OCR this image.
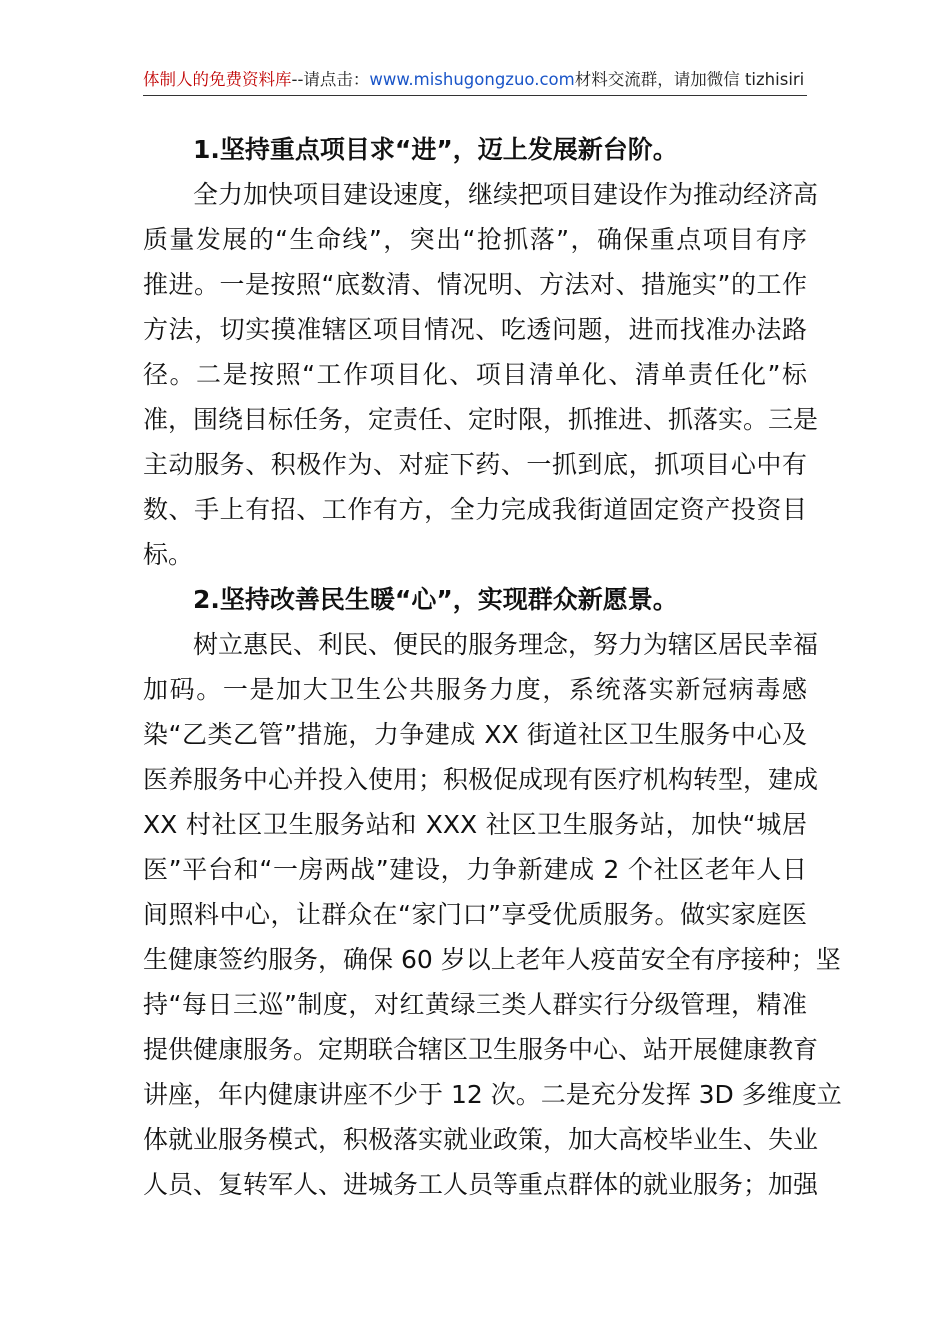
体制人的免费资料库--请点击：www.mishugongzuo.com材料交流群，请加微信 tizhisiri
1.坚持重点项目求“进”，迈上发展新台阶。
全力加快项目建设速度，继续把项目建设作为推动经济高
质量发展的“生命线”，突出“抢抓落”，确保重点项目有序
推进。一是按照“底数清、情况明、方法对、措施实”的工作
方法，切实摸准辖区项目情况、吃透问题，进而找准办法路
径。二是按照“工作项目化、项目清单化、清单责任化”标
准，围绕目标任务，定责任、定时限，抓推进、抓落实。三是
主动服务、积极作为、对症下药、一抓到底，抓项目心中有
数、手上有招、工作有方，全力完成我街道固定资产投资目
标。
2.坚持改善民生暖“心”，实现群众新愿景。
树立惠民、利民、便民的服务理念，努力为辖区居民幸福
加码。一是加大卫生公共服务力度，系统落实新冠病毒感
染“乙类乙管”措施，力争建成 XX 街道社区卫生服务中心及
医养服务中心并投入使用；积极促成现有医疗机构转型，建成
XX 村社区卫生服务站和 XXX 社区卫生服务站，加快“城居
医”平台和“一房两战”建设，力争新建成 2 个社区老年人日
间照料中心，让群众在“家门口”享受优质服务。做实家庭医
生健康签约服务，确保 60 岁以上老年人疫苗安全有序接种；坚
持“每日三巡”制度，对红黄绿三类人群实行分级管理，精准
提供健康服务。定期联合辖区卫生服务中心、站开展健康教育
讲座，年内健康讲座不少于 12 次。二是充分发挥 3D 多维度立
体就业服务模式，积极落实就业政策，加大高校毕业生、失业
人员、复转军人、进城务工人员等重点群体的就业服务；加强
